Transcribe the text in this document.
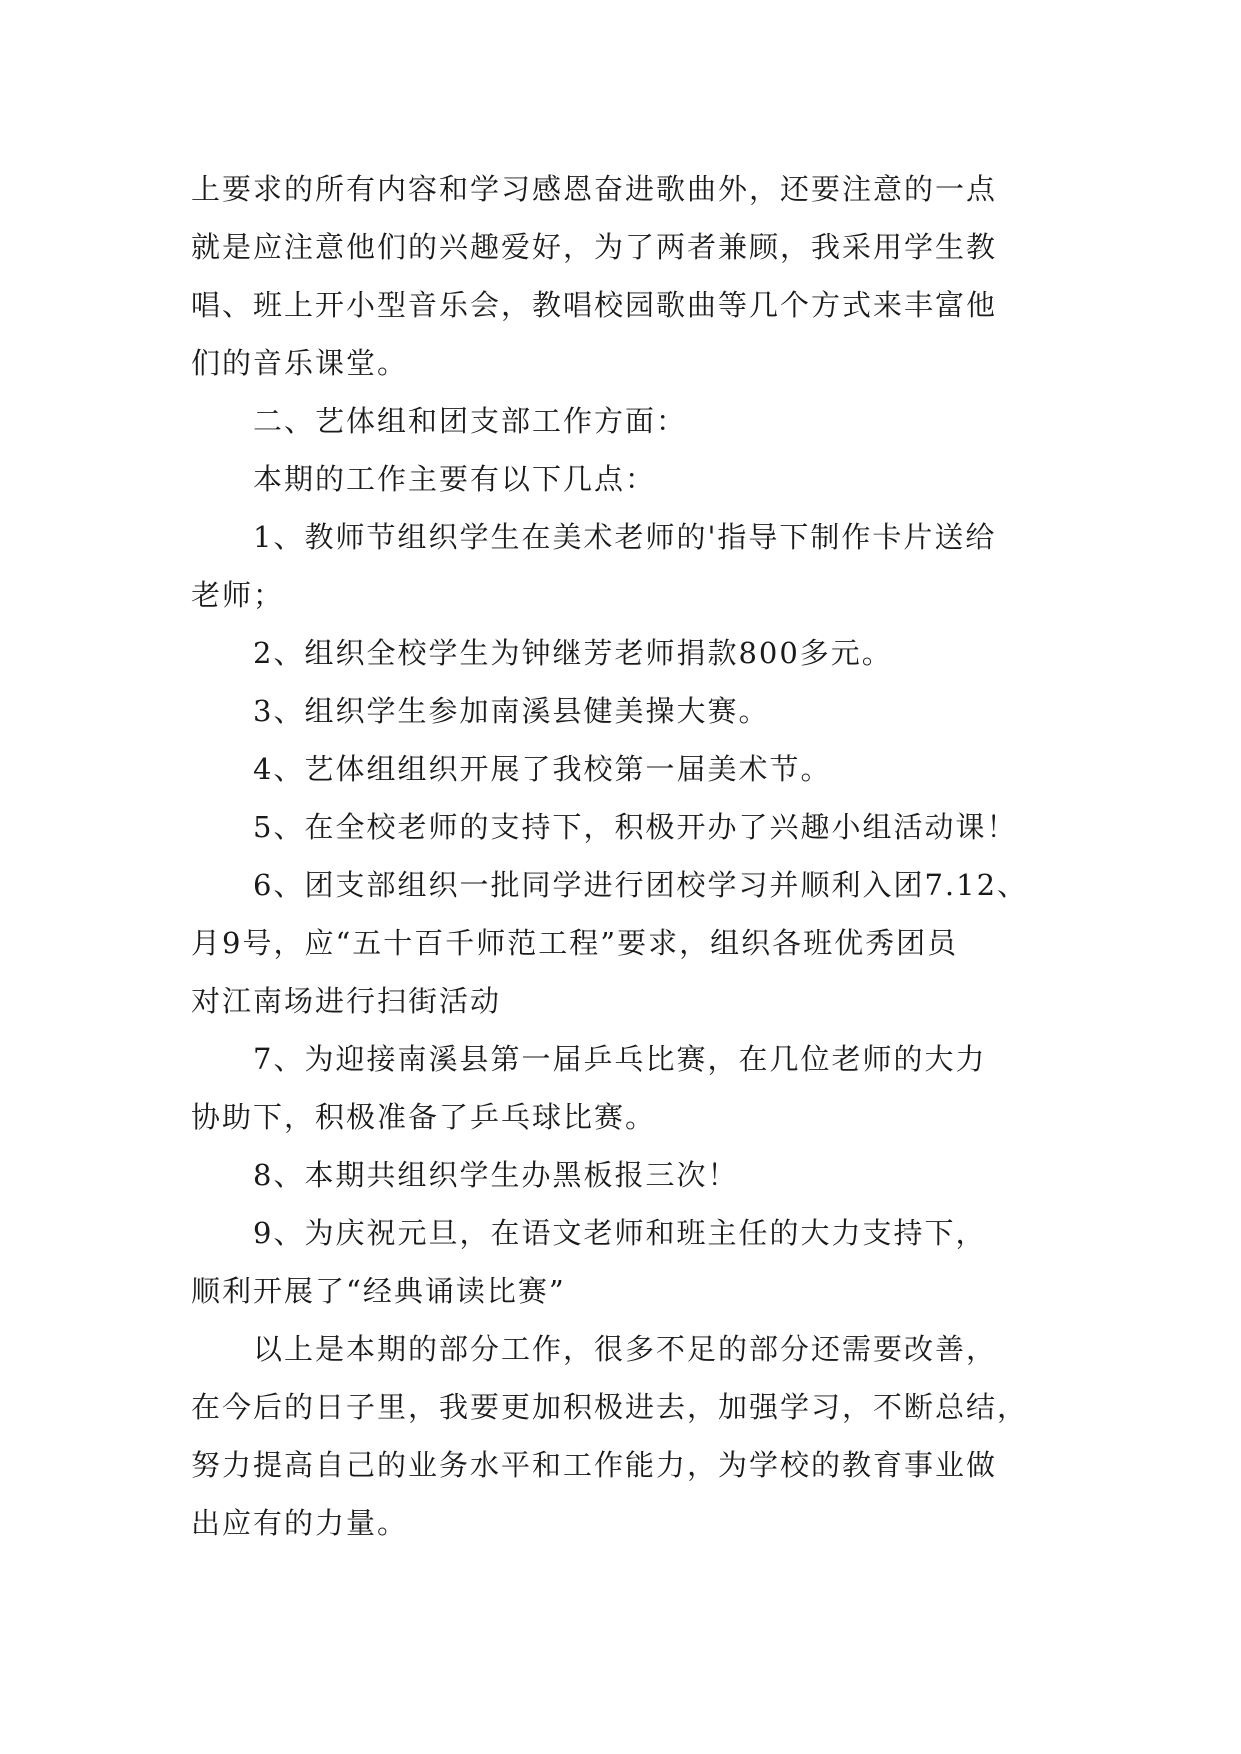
上要求的所有内容和学习感恩奋进歌曲外，还要注意的一点
就是应注意他们的兴趣爱好，为了两者兼顾，我采用学生教
唱、班上开小型音乐会，教唱校园歌曲等几个方式来丰富他
们的音乐课堂。
二、艺体组和团支部工作方面：
本期的工作主要有以下几点：
1、教师节组织学生在美术老师的'指导下制作卡片送给
老师；
2、组织全校学生为钟继芳老师捐款800多元。
3、组织学生参加南溪县健美操大赛。
4、艺体组组织开展了我校第一届美术节。
5、在全校老师的支持下，积极开办了兴趣小组活动课！
6、团支部组织一批同学进行团校学习并顺利入团7.12、
月9号，应“五十百千师范工程”要求，组织各班优秀团员
对江南场进行扫街活动
7、为迎接南溪县第一届乒乓比赛，在几位老师的大力
协助下，积极准备了乒乓球比赛。
8、本期共组织学生办黑板报三次！
9、为庆祝元旦，在语文老师和班主任的大力支持下，
顺利开展了“经典诵读比赛”
以上是本期的部分工作，很多不足的部分还需要改善，
在今后的日子里，我要更加积极进去，加强学习，不断总结，
努力提高自己的业务水平和工作能力，为学校的教育事业做
出应有的力量。
